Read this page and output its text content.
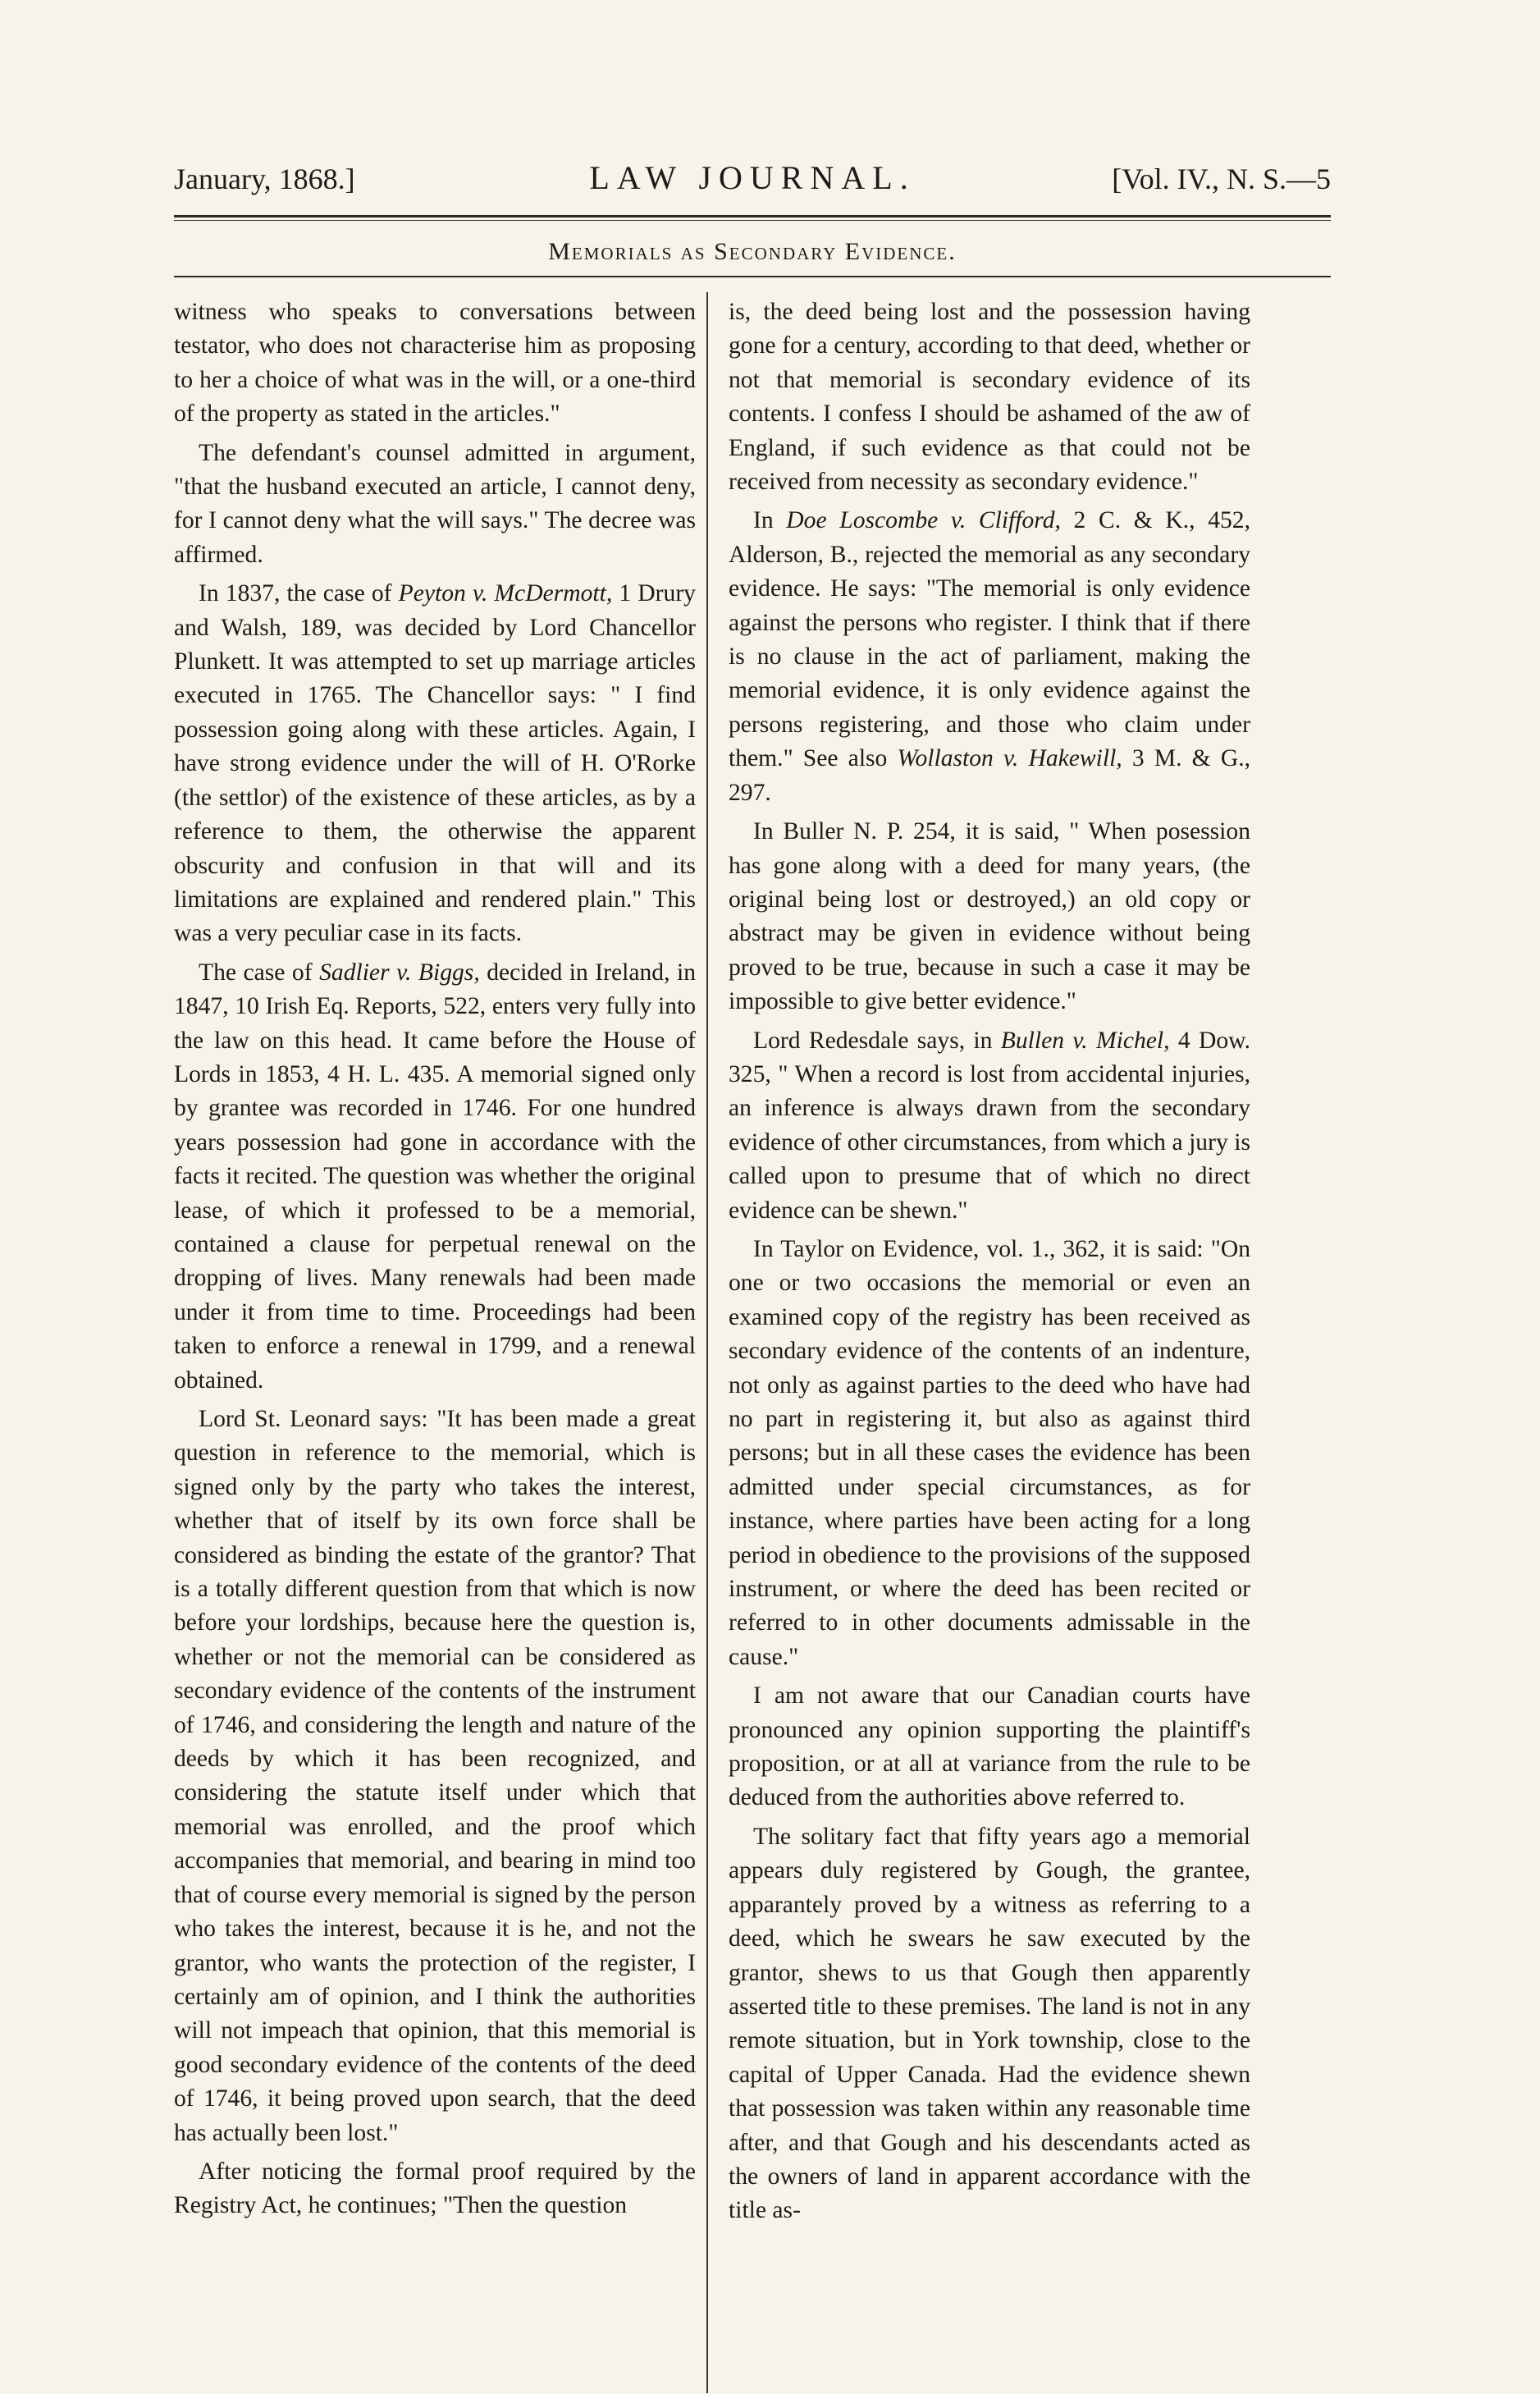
January, 1868.]	LAW JOURNAL.	[Vol. IV., N. S.—5
Memorials as Secondary Evidence.

witness who speaks to conversations between testator, who does not characterise him as proposing to her a choice of what was in the will, or a one-third of the property as stated in the articles."

The defendant's counsel admitted in argument, "that the husband executed an article, I cannot deny, for I cannot deny what the will says." The decree was affirmed.

In 1837, the case of Peyton v. McDermott, 1 Drury and Walsh, 189, was decided by Lord Chancellor Plunkett. It was attempted to set up marriage articles executed in 1765. The Chancellor says: " I find possession going along with these articles. Again, I have strong evidence under the will of H. O'Rorke (the settlor) of the existence of these articles, as by a reference to them, the otherwise the apparent obscurity and confusion in that will and its limitations are explained and rendered plain." This was a very peculiar case in its facts.

The case of Sadlier v. Biggs, decided in Ireland, in 1847, 10 Irish Eq. Reports, 522, enters very fully into the law on this head. It came before the House of Lords in 1853, 4 H. L. 435. A memorial signed only by grantee was recorded in 1746. For one hundred years possession had gone in accordance with the facts it recited. The question was whether the original lease, of which it professed to be a memorial, contained a clause for perpetual renewal on the dropping of lives. Many renewals had been made under it from time to time. Proceedings had been taken to enforce a renewal in 1799, and a renewal obtained.

Lord St. Leonard says: "It has been made a great question in reference to the memorial, which is signed only by the party who takes the interest, whether that of itself by its own force shall be considered as binding the estate of the grantor? That is a totally different question from that which is now before your lordships, because here the question is, whether or not the memorial can be considered as secondary evidence of the contents of the instrument of 1746, and considering the length and nature of the deeds by which it has been recognized, and considering the statute itself under which that memorial was enrolled, and the proof which accompanies that memorial, and bearing in mind too that of course every memorial is signed by the person who takes the interest, because it is he, and not the grantor, who wants the protection of the register, I certainly am of opinion, and I think the authorities will not impeach that opinion, that this memorial is good secondary evidence of the contents of the deed of 1746, it being proved upon search, that the deed has actually been lost."

After noticing the formal proof required by the Registry Act, he continues; "Then the question

is, the deed being lost and the possession having gone for a century, according to that deed, whether or not that memorial is secondary evidence of its contents. I confess I should be ashamed of the aw of England, if such evidence as that could not be received from necessity as secondary evidence."

In Doe Loscombe v. Clifford, 2 C. & K., 452, Alderson, B., rejected the memorial as any secondary evidence. He says: "The memorial is only evidence against the persons who register. I think that if there is no clause in the act of parliament, making the memorial evidence, it is only evidence against the persons registering, and those who claim under them." See also Wollaston v. Hakewill, 3 M. & G., 297.

In Buller N. P. 254, it is said, " When posession has gone along with a deed for many years, (the original being lost or destroyed,) an old copy or abstract may be given in evidence without being proved to be true, because in such a case it may be impossible to give better evidence."

Lord Redesdale says, in Bullen v. Michel, 4 Dow. 325, " When a record is lost from accidental injuries, an inference is always drawn from the secondary evidence of other circumstances, from which a jury is called upon to presume that of which no direct evidence can be shewn."

In Taylor on Evidence, vol. 1., 362, it is said: "On one or two occasions the memorial or even an examined copy of the registry has been received as secondary evidence of the contents of an indenture, not only as against parties to the deed who have had no part in registering it, but also as against third persons; but in all these cases the evidence has been admitted under special circumstances, as for instance, where parties have been acting for a long period in obedience to the provisions of the supposed instrument, or where the deed has been recited or referred to in other documents admissable in the cause."

I am not aware that our Canadian courts have pronounced any opinion supporting the plaintiff's proposition, or at all at variance from the rule to be deduced from the authorities above referred to.

The solitary fact that fifty years ago a memorial appears duly registered by Gough, the grantee, apparantely proved by a witness as referring to a deed, which he swears he saw executed by the grantor, shews to us that Gough then apparently asserted title to these premises. The land is not in any remote situation, but in York township, close to the capital of Upper Canada. Had the evidence shewn that possession was taken within any reasonable time after, and that Gough and his descendants acted as the owners of land in apparent accordance with the title as-
